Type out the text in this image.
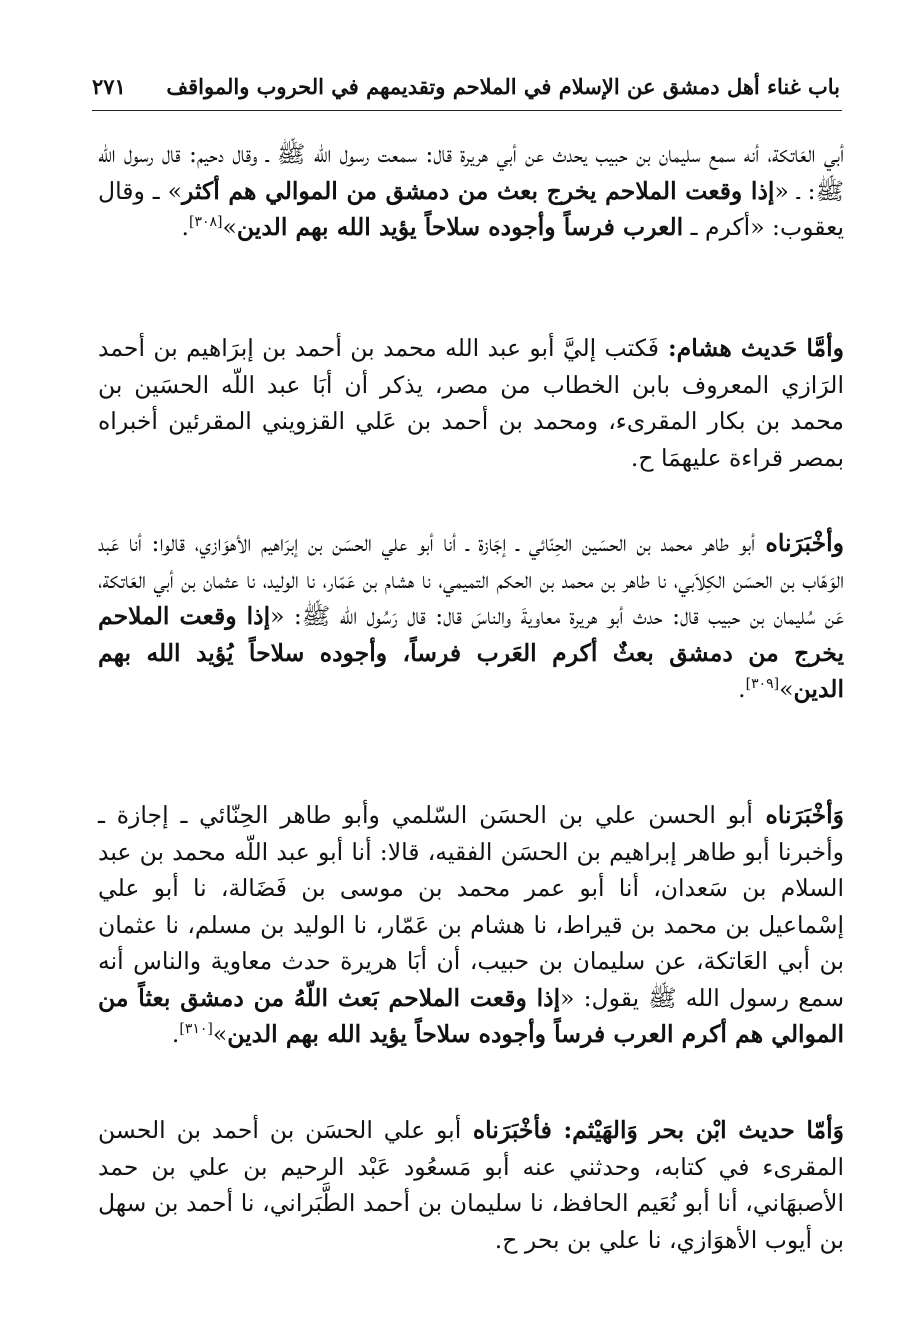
باب غناء أهل دمشق عن الإسلام في الملاحم وتقديمهم في الحروب والمواقف
٢٧١

أبي العَاتكة، أنه سمع سليمان بن حبيب يحدث عن أبي هريرة قال: سمعت رسول الله ﷺ ـ وقال دحيم: قال رسول الله ﷺ: ـ «إذا وقعت الملاحم يخرج بعث من دمشق من الموالي هم أكثر» ـ وقال يعقوب: «أكرم ـ العرب فرساً وأجوده سلاحاً يؤيد الله بهم الدين»[٣٠٨].

وأمَّا حَديث هشام: فَكتب إليَّ أبو عبد الله محمد بن أحمد بن إبرَاهيم بن أحمد الرَازي المعروف بابن الخطاب من مصر، يذكر أن أبَا عبد اللّه الحسَين بن محمد بن بكار المقرىء، ومحمد بن أحمد بن عَلي القزويني المقرئين أخبراه بمصر قراءة عليهمَا ح.

وأخْبَرَناه أبو طاهر محمد بن الحسَين الحِنّائي ـ إجَازة ـ أنا أبو علي الحسَن بن إبرَاهيم الأهوَازي، قالوا: أنا عَبد الوَهّاب بن الحسَن الكِلاَبي، نا طاهر بن محمد بن الحكم التميمي، نا هشام بن عَمّار، نا الوليد، نا عثمان بن أبي العَاتكة، عَن سُليمان بن حبيب قال: حدث أبو هريرة معاويةَ والناسَ قال: قال رَسُول الله ﷺ: «إذا وقعت الملاحم يخرج من دمشق بعثٌ أكرم العَرب فرساً، وأجوده سلاحاً يُؤيد الله بهم الدين»[٣٠٩].

وَأخْبَرَناه أبو الحسن علي بن الحسَن السّلمي وأبو طاهر الحِنّائي ـ إجازة ـ وأخبرنا أبو طاهر إبراهيم بن الحسَن الفقيه، قالا: أنا أبو عبد اللّه محمد بن عبد السلام بن سَعدان، أنا أبو عمر محمد بن موسى بن فَضَالة، نا أبو علي إسْماعيل بن محمد بن قيراط، نا هشام بن عَمّار، نا الوليد بن مسلم، نا عثمان بن أبي العَاتكة، عن سليمان بن حبيب، أن أبَا هريرة حدث معاوية والناس أنه سمع رسول الله ﷺ يقول: «إذا وقعت الملاحم بَعث اللّهُ من دمشق بعثاً من الموالي هم أكرم العرب فرساً وأجوده سلاحاً يؤيد الله بهم الدين»[٣١٠].

وَأمّا حديث ابْن بحر وَالهَيْثم: فأخْبَرَناه أبو علي الحسَن بن أحمد بن الحسن المقرىء في كتابه، وحدثني عنه أبو مَسعُود عَبْد الرحيم بن علي بن حمد الأصبهَاني، أنا أبو نُعَيم الحافظ، نا سليمان بن أحمد الطَّبَراني، نا أحمد بن سهل بن أيوب الأهوَازي، نا علي بن بحر ح.
